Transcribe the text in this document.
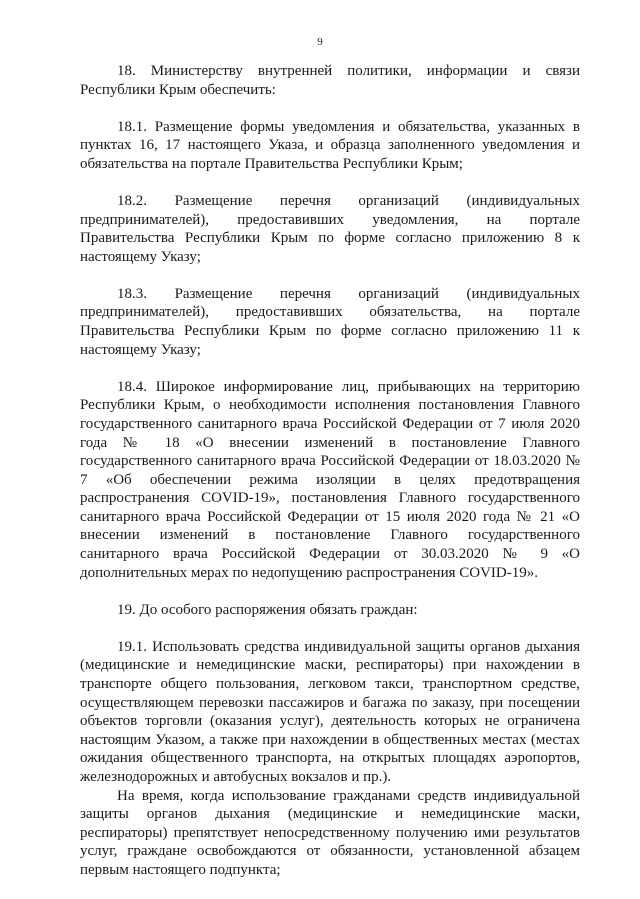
9

18. Министерству внутренней политики, информации и связи Республики Крым обеспечить:

18.1. Размещение формы уведомления и обязательства, указанных в пунктах 16, 17 настоящего Указа, и образца заполненного уведомления и обязательства на портале Правительства Республики Крым;

18.2. Размещение перечня организаций (индивидуальных предпринимателей), предоставивших уведомления, на портале Правительства Республики Крым по форме согласно приложению 8 к настоящему Указу;

18.3. Размещение перечня организаций (индивидуальных предпринимателей), предоставивших обязательства, на портале Правительства Республики Крым по форме согласно приложению 11 к настоящему Указу;

18.4. Широкое информирование лиц, прибывающих на территорию Республики Крым, о необходимости исполнения постановления Главного государственного санитарного врача Российской Федерации от 7 июля 2020 года № 18 «О внесении изменений в постановление Главного государственного санитарного врача Российской Федерации от 18.03.2020 № 7 «Об обеспечении режима изоляции в целях предотвращения распространения COVID-19», постановления Главного государственного санитарного врача Российской Федерации от 15 июля 2020 года № 21 «О внесении изменений в постановление Главного государственного санитарного врача Российской Федерации от 30.03.2020 № 9 «О дополнительных мерах по недопущению распространения COVID-19».

19. До особого распоряжения обязать граждан:

19.1. Использовать средства индивидуальной защиты органов дыхания (медицинские и немедицинские маски, респираторы) при нахождении в транспорте общего пользования, легковом такси, транспортном средстве, осуществляющем перевозки пассажиров и багажа по заказу, при посещении объектов торговли (оказания услуг), деятельность которых не ограничена настоящим Указом, а также при нахождении в общественных местах (местах ожидания общественного транспорта, на открытых площадях аэропортов, железнодорожных и автобусных вокзалов и пр.).

На время, когда использование гражданами средств индивидуальной защиты органов дыхания (медицинские и немедицинские маски, респираторы) препятствует непосредственному получению ими результатов услуг, граждане освобождаются от обязанности, установленной абзацем первым настоящего подпункта;
